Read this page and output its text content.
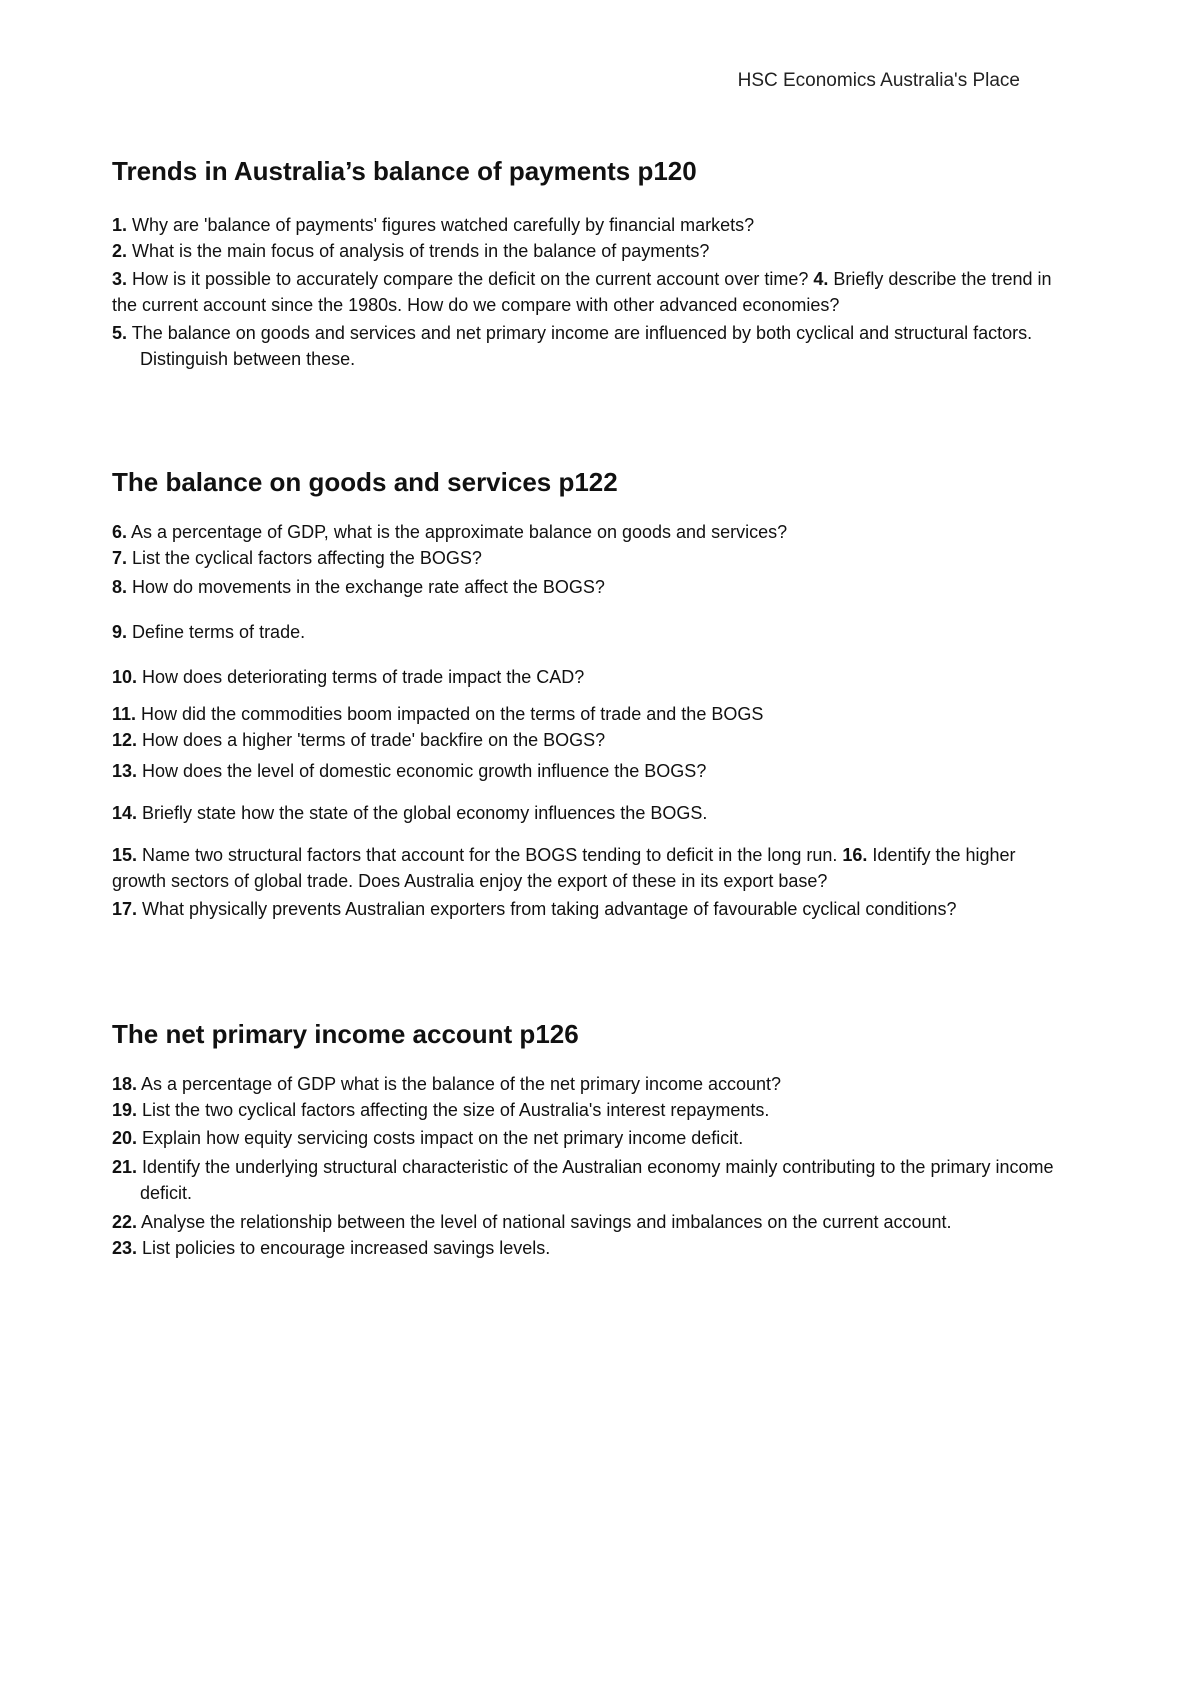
HSC Economics Australia's Place
Trends in Australia’s balance of payments p120

1. Why are 'balance of payments' figures watched carefully by financial markets?

2. What is the main focus of analysis of trends in the balance of payments?

3. How is it possible to accurately compare the deficit on the current account over time? 4. Briefly describe the trend in the current account since the 1980s. How do we compare with other advanced economies?

5. The balance on goods and services and net primary income are influenced by both cyclical and structural factors. Distinguish between these.

The balance on goods and services p122

6. As a percentage of GDP, what is the approximate balance on goods and services?

7. List the cyclical factors affecting the BOGS?

8. How do movements in the exchange rate affect the BOGS?

9. Define terms of trade.

10. How does deteriorating terms of trade impact the CAD?

11. How did the commodities boom impacted on the terms of trade and the BOGS

12. How does a higher 'terms of trade' backfire on the BOGS?

13. How does the level of domestic economic growth influence the BOGS?

14. Briefly state how the state of the global economy influences the BOGS.

15. Name two structural factors that account for the BOGS tending to deficit in the long run. 16. Identify the higher growth sectors of global trade. Does Australia enjoy the export of these in its export base?

17. What physically prevents Australian exporters from taking advantage of favourable cyclical conditions?

The net primary income account p126

18. As a percentage of GDP what is the balance of the net primary income account?

19. List the two cyclical factors affecting the size of Australia's interest repayments.

20. Explain how equity servicing costs impact on the net primary income deficit.

21. Identify the underlying structural characteristic of the Australian economy mainly contributing to the primary income deficit.

22. Analyse the relationship between the level of national savings and imbalances on the current account.

23. List policies to encourage increased savings levels.
